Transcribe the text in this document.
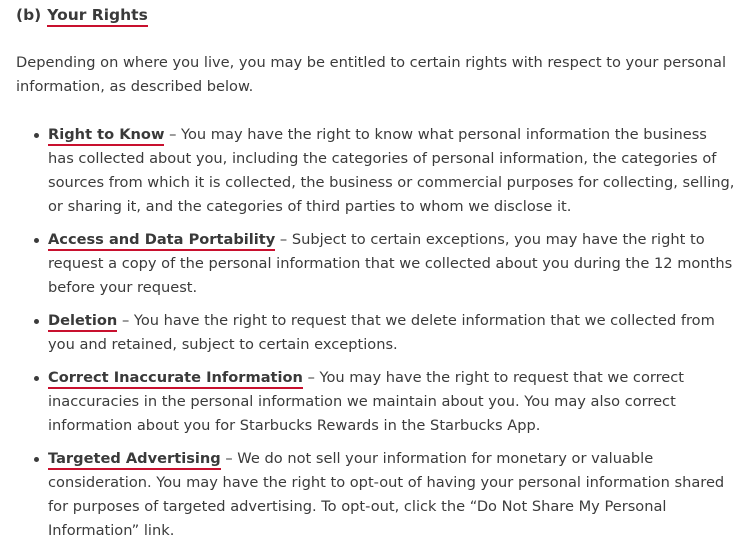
(b) Your Rights

Depending on where you live, you may be entitled to certain rights with respect to your personal information, as described below.

Right to Know – You may have the right to know what personal information the business has collected about you, including the categories of personal information, the categories of sources from which it is collected, the business or commercial purposes for collecting, selling, or sharing it, and the categories of third parties to whom we disclose it.
Access and Data Portability – Subject to certain exceptions, you may have the right to request a copy of the personal information that we collected about you during the 12 months before your request.
Deletion – You have the right to request that we delete information that we collected from you and retained, subject to certain exceptions.
Correct Inaccurate Information – You may have the right to request that we correct inaccuracies in the personal information we maintain about you. You may also correct information about you for Starbucks Rewards in the Starbucks App.
Targeted Advertising – We do not sell your information for monetary or valuable consideration. You may have the right to opt-out of having your personal information shared for purposes of targeted advertising. To opt-out, click the “Do Not Share My Personal Information” link.
